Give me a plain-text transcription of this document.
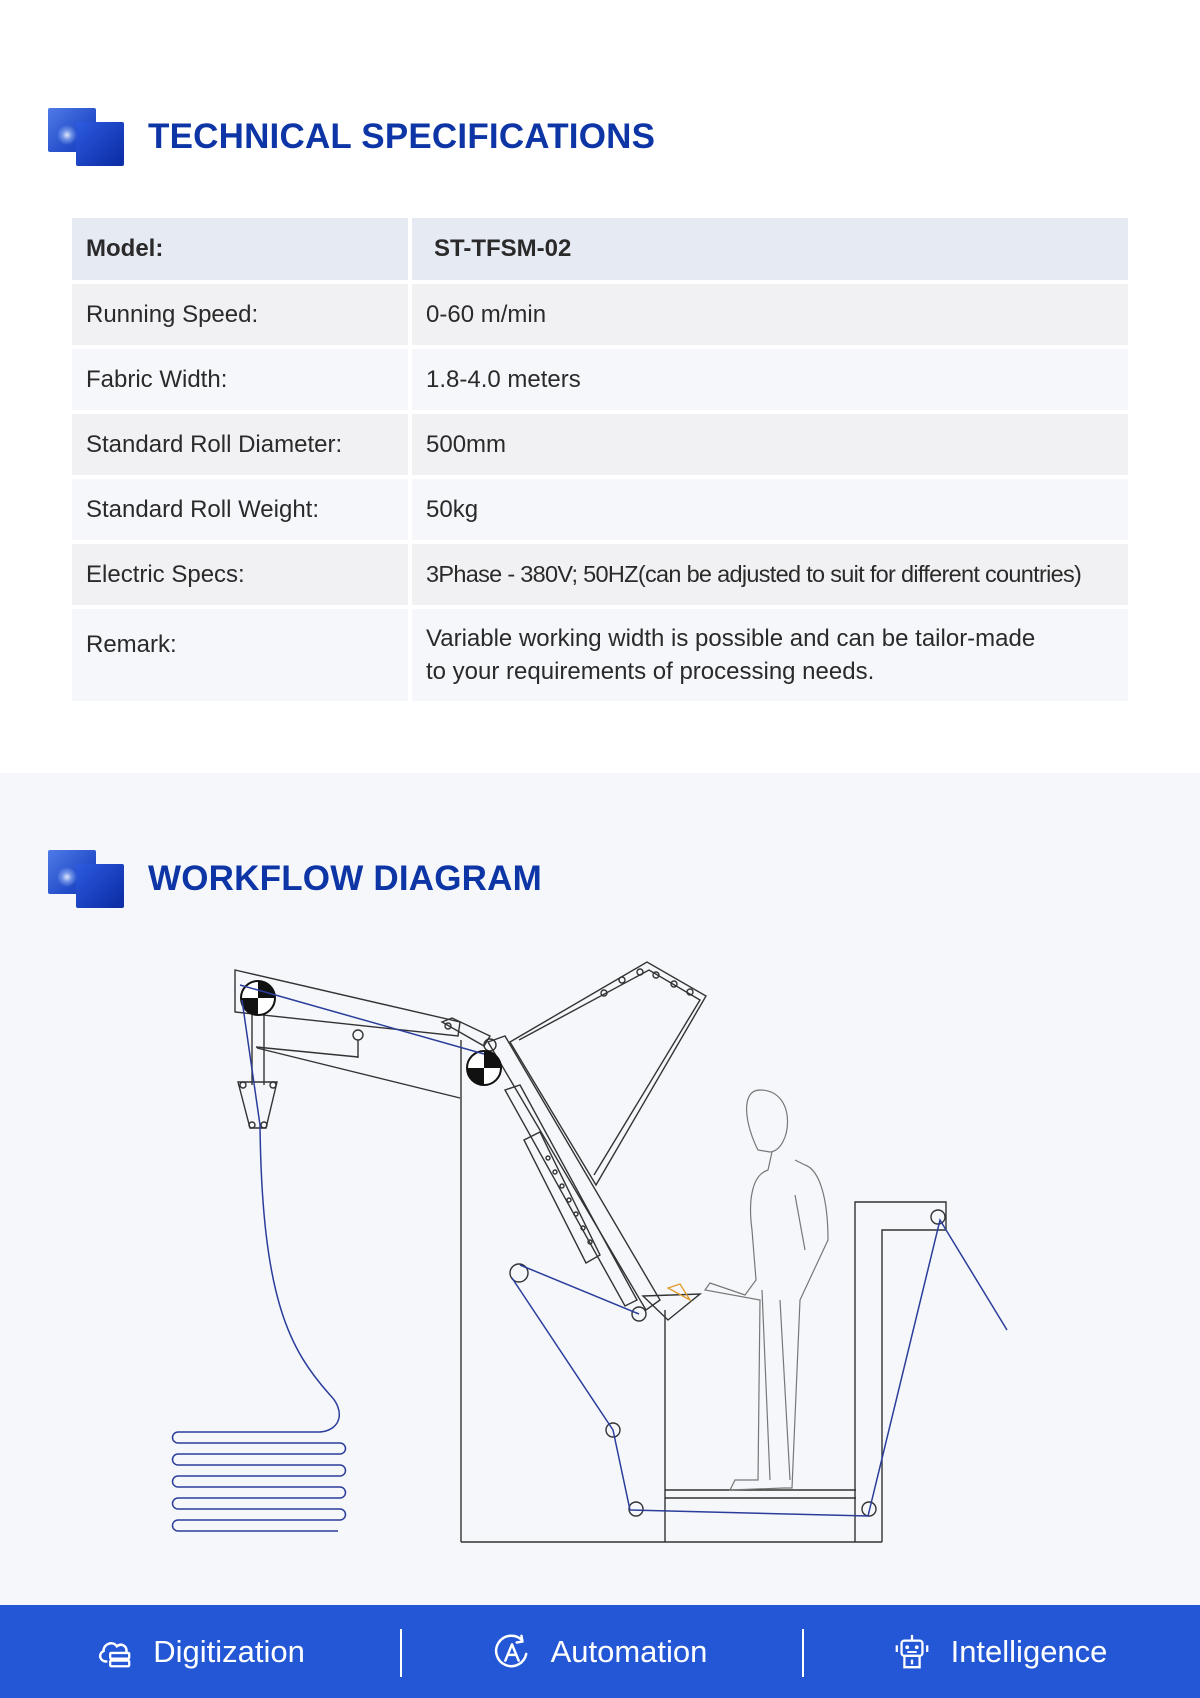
TECHNICAL SPECIFICATIONS
Model:	ST-TFSM-02
Running Speed:	0-60 m/min
Fabric Width:	1.8-4.0 meters
Standard Roll Diameter:	500mm
Standard Roll Weight:	50kg
Electric Specs:	3Phase - 380V; 50HZ(can be adjusted to suit for different countries)
Remark:	Variable working width is possible and can be tailor-made
to your requirements of processing needs.
WORKFLOW DIAGRAM
Digitization	Automation	Intelligence
